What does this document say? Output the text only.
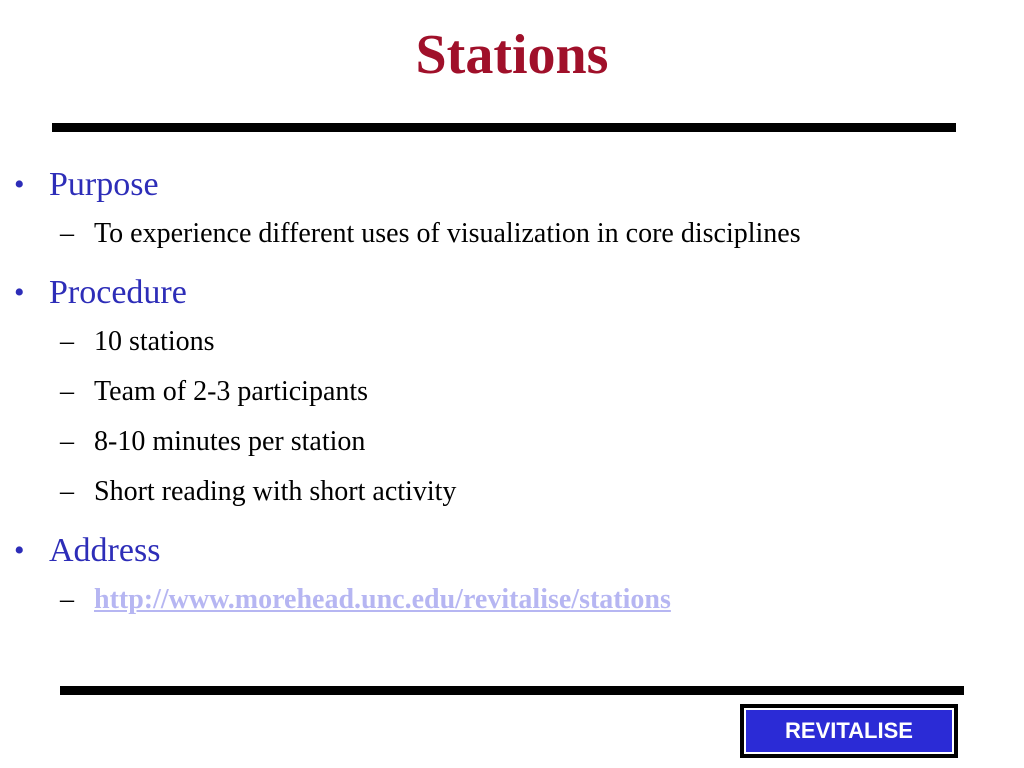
Stations
• Purpose
– To experience different uses of visualization in core disciplines
• Procedure
– 10 stations
– Team of 2-3 participants
– 8-10 minutes per station
– Short reading with short activity
• Address
– http://www.morehead.unc.edu/revitalise/stations
REVITALISE
